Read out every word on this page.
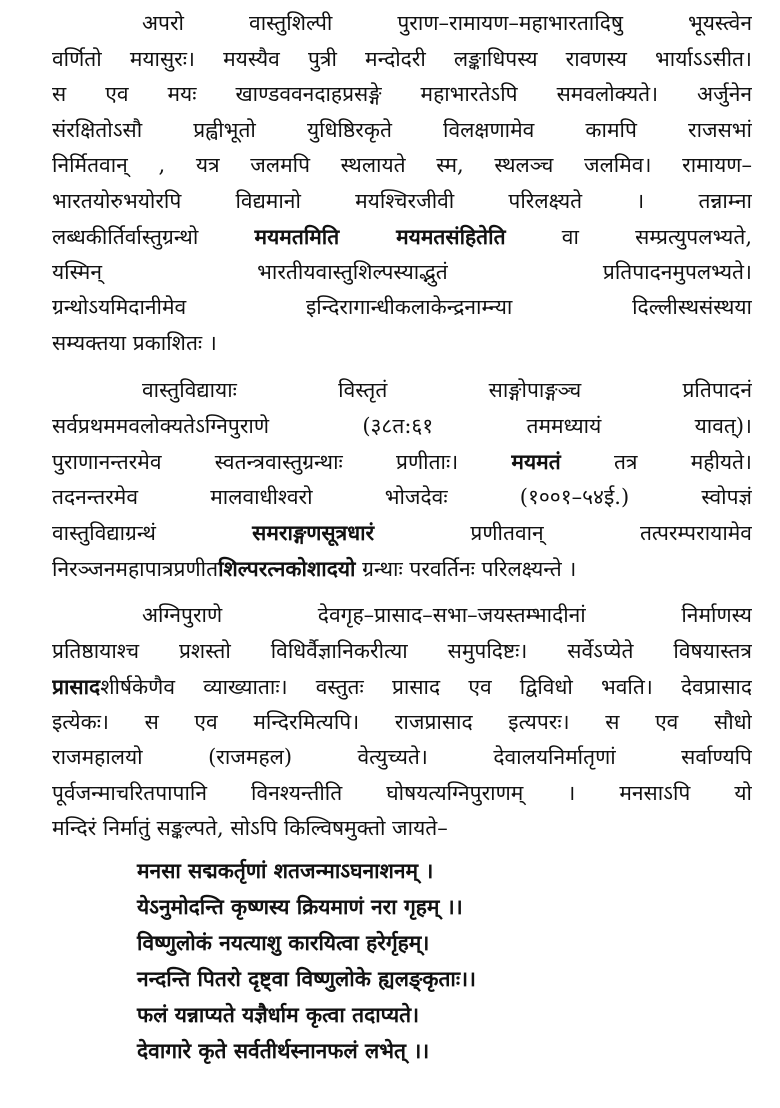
अपरो वास्तुशिल्पी पुराण–रामायण–महाभारतादिषु भूयस्त्वेन
वर्णितो मयासुरः। मयस्यैव पुत्री मन्दोदरी लङ्काधिपस्य रावणस्य भार्याऽऽसीत।
स एव मयः खाण्डववनदाहप्रसङ्गे महाभारतेऽपि समवलोक्यते। अर्जुनेन
संरक्षितोऽसौ प्रह्वीभूतो युधिष्ठिरकृते विलक्षणामेव कामपि राजसभां
निर्मितवान् , यत्र जलमपि स्थलायते स्म, स्थलञ्च जलमिव। रामायण–
भारतयोरुभयोरपि विद्यमानो मयश्चिरजीवी परिलक्ष्यते । तन्नाम्ना
लब्धकीर्तिर्वास्तुग्रन्थो मयमतमिति मयमतसंहितेति वा सम्प्रत्युपलभ्यते,
यस्मिन् भारतीयवास्तुशिल्पस्याद्भुतं प्रतिपादनमुपलभ्यते।
ग्रन्थोऽयमिदानीमेव इन्दिरागान्धीकलाकेन्द्रनाम्न्या दिल्लीस्थसंस्थया
सम्यक्तया प्रकाशितः ।
वास्तुविद्यायाः विस्तृतं साङ्गोपाङ्गञ्च प्रतिपादनं
सर्वप्रथममवलोक्यतेऽग्निपुराणे (३८त:६१ तममध्यायं यावत्)।
पुराणानन्तरमेव स्वतन्त्रवास्तुग्रन्थाः प्रणीताः। मयमतं तत्र महीयते।
तदनन्तरमेव मालवाधीश्वरो भोजदेवः (१००१–५४ई.) स्वोपज्ञं
वास्तुविद्याग्रन्थं समराङ्गणसूत्रधारं प्रणीतवान् तत्परम्परायामेव
निरञ्जनमहापात्रप्रणीतशिल्परत्नकोशादयो ग्रन्थाः परवर्तिनः परिलक्ष्यन्ते ।
अग्निपुराणे देवगृह–प्रासाद–सभा–जयस्तम्भादीनां निर्माणस्य
प्रतिष्ठायाश्च प्रशस्तो विधिर्वैज्ञानिकरीत्या समुपदिष्टः। सर्वेऽप्येते विषयास्तत्र
प्रासादशीर्षकेणैव व्याख्याताः। वस्तुतः प्रासाद एव द्विविधो भवति। देवप्रासाद
इत्येकः। स एव मन्दिरमित्यपि। राजप्रासाद इत्यपरः। स एव सौधो
राजमहालयो (राजमहल) वेत्युच्यते। देवालयनिर्मातृणां सर्वाण्यपि
पूर्वजन्माचरितपापानि विनश्यन्तीति घोषयत्यग्निपुराणम् । मनसाऽपि यो
मन्दिरं निर्मातुं सङ्कल्पते, सोऽपि किल्विषमुक्तो जायते–
मनसा सद्मकर्तृणां शतजन्माऽघनाशनम् ।
येऽनुमोदन्ति कृष्णस्य क्रियमाणं नरा गृहम् ।।
विष्णुलोकं नयत्याशु कारयित्वा हरेर्गृहम्।
नन्दन्ति पितरो दृष्ट्वा विष्णुलोके ह्यलङ्कृताः।।
फलं यन्नाप्यते यज्ञैर्धाम कृत्वा तदाप्यते।
देवागारे कृते सर्वतीर्थस्नानफलं लभेत् ।।
